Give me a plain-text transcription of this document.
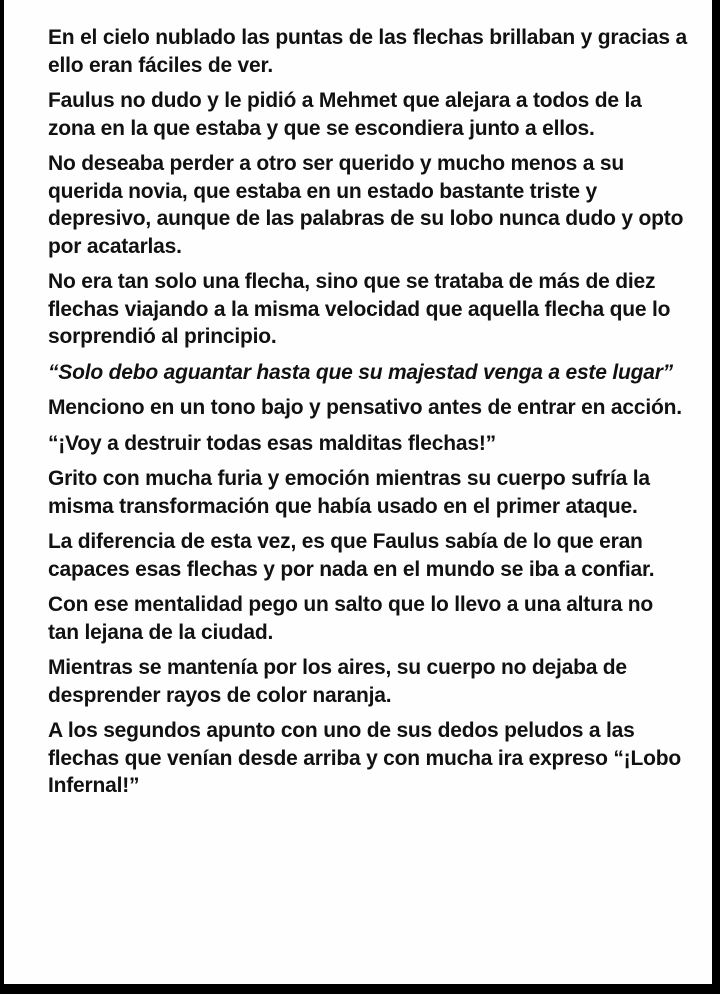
En el cielo nublado las puntas de las flechas brillaban y gracias a ello eran fáciles de ver.

Faulus no dudo y le pidió a Mehmet que alejara a todos de la zona en la que estaba y que se escondiera junto a ellos.

No deseaba perder a otro ser querido y mucho menos a su querida novia, que estaba en un estado bastante triste y depresivo, aunque de las palabras de su lobo nunca dudo y opto por acatarlas.

No era tan solo una flecha, sino que se trataba de más de diez flechas viajando a la misma velocidad que aquella flecha que lo sorprendió al principio.

“Solo debo aguantar hasta que su majestad venga a este lugar”

Menciono en un tono bajo y pensativo antes de entrar en acción.

“¡Voy a destruir todas esas malditas flechas!”

Grito con mucha furia y emoción mientras su cuerpo sufría la misma transformación que había usado en el primer ataque.

La diferencia de esta vez, es que Faulus sabía de lo que eran capaces esas flechas y por nada en el mundo se iba a confiar.

Con ese mentalidad pego un salto que lo llevo a una altura no tan lejana de la ciudad.

Mientras se mantenía por los aires, su cuerpo no dejaba de desprender rayos de color naranja.

A los segundos apunto con uno de sus dedos peludos a las flechas que venían desde arriba y con mucha ira expreso “¡Lobo Infernal!”
